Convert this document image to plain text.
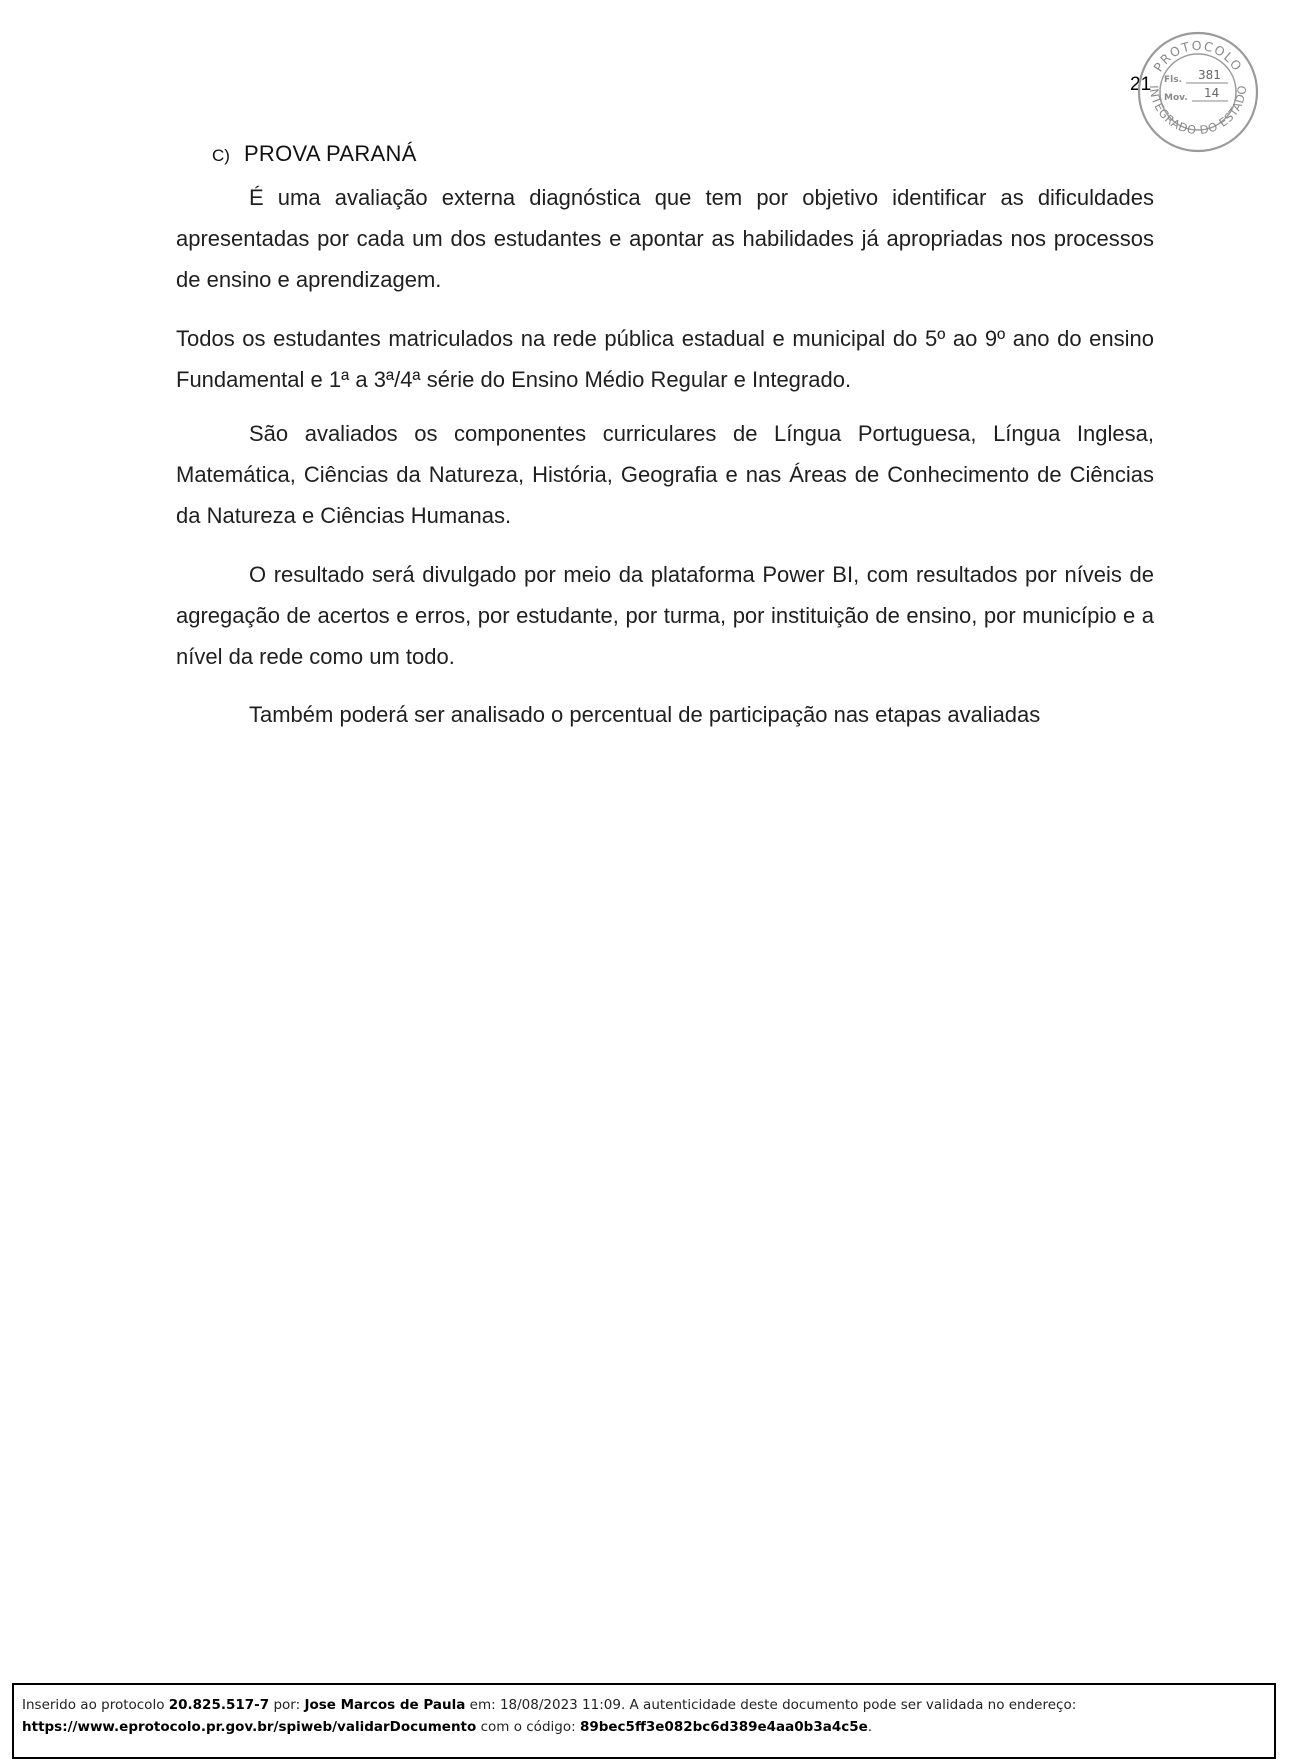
21
PROTOCOLO
INTEGRADO DO ESTADO
Fls. 381
Mov. 14
C) PROVA PARANÁ

É uma avaliação externa diagnóstica que tem por objetivo identificar as dificuldades apresentadas por cada um dos estudantes e apontar as habilidades já apropriadas nos processos de ensino e aprendizagem.

Todos os estudantes matriculados na rede pública estadual e municipal do 5º ao 9º ano do ensino Fundamental e 1ª a 3ª/4ª série do Ensino Médio Regular e Integrado.

São avaliados os componentes curriculares de Língua Portuguesa, Língua Inglesa, Matemática, Ciências da Natureza, História, Geografia e nas Áreas de Conhecimento de Ciências da Natureza e Ciências Humanas.

O resultado será divulgado por meio da plataforma Power BI, com resultados por níveis de agregação de acertos e erros, por estudante, por turma, por instituição de ensino, por município e a nível da rede como um todo.

Também poderá ser analisado o percentual de participação nas etapas avaliadas

Inserido ao protocolo 20.825.517-7 por: Jose Marcos de Paula em: 18/08/2023 11:09. A autenticidade deste documento pode ser validada no endereço:
https://www.eprotocolo.pr.gov.br/spiweb/validarDocumento com o código: 89bec5ff3e082bc6d389e4aa0b3a4c5e.
